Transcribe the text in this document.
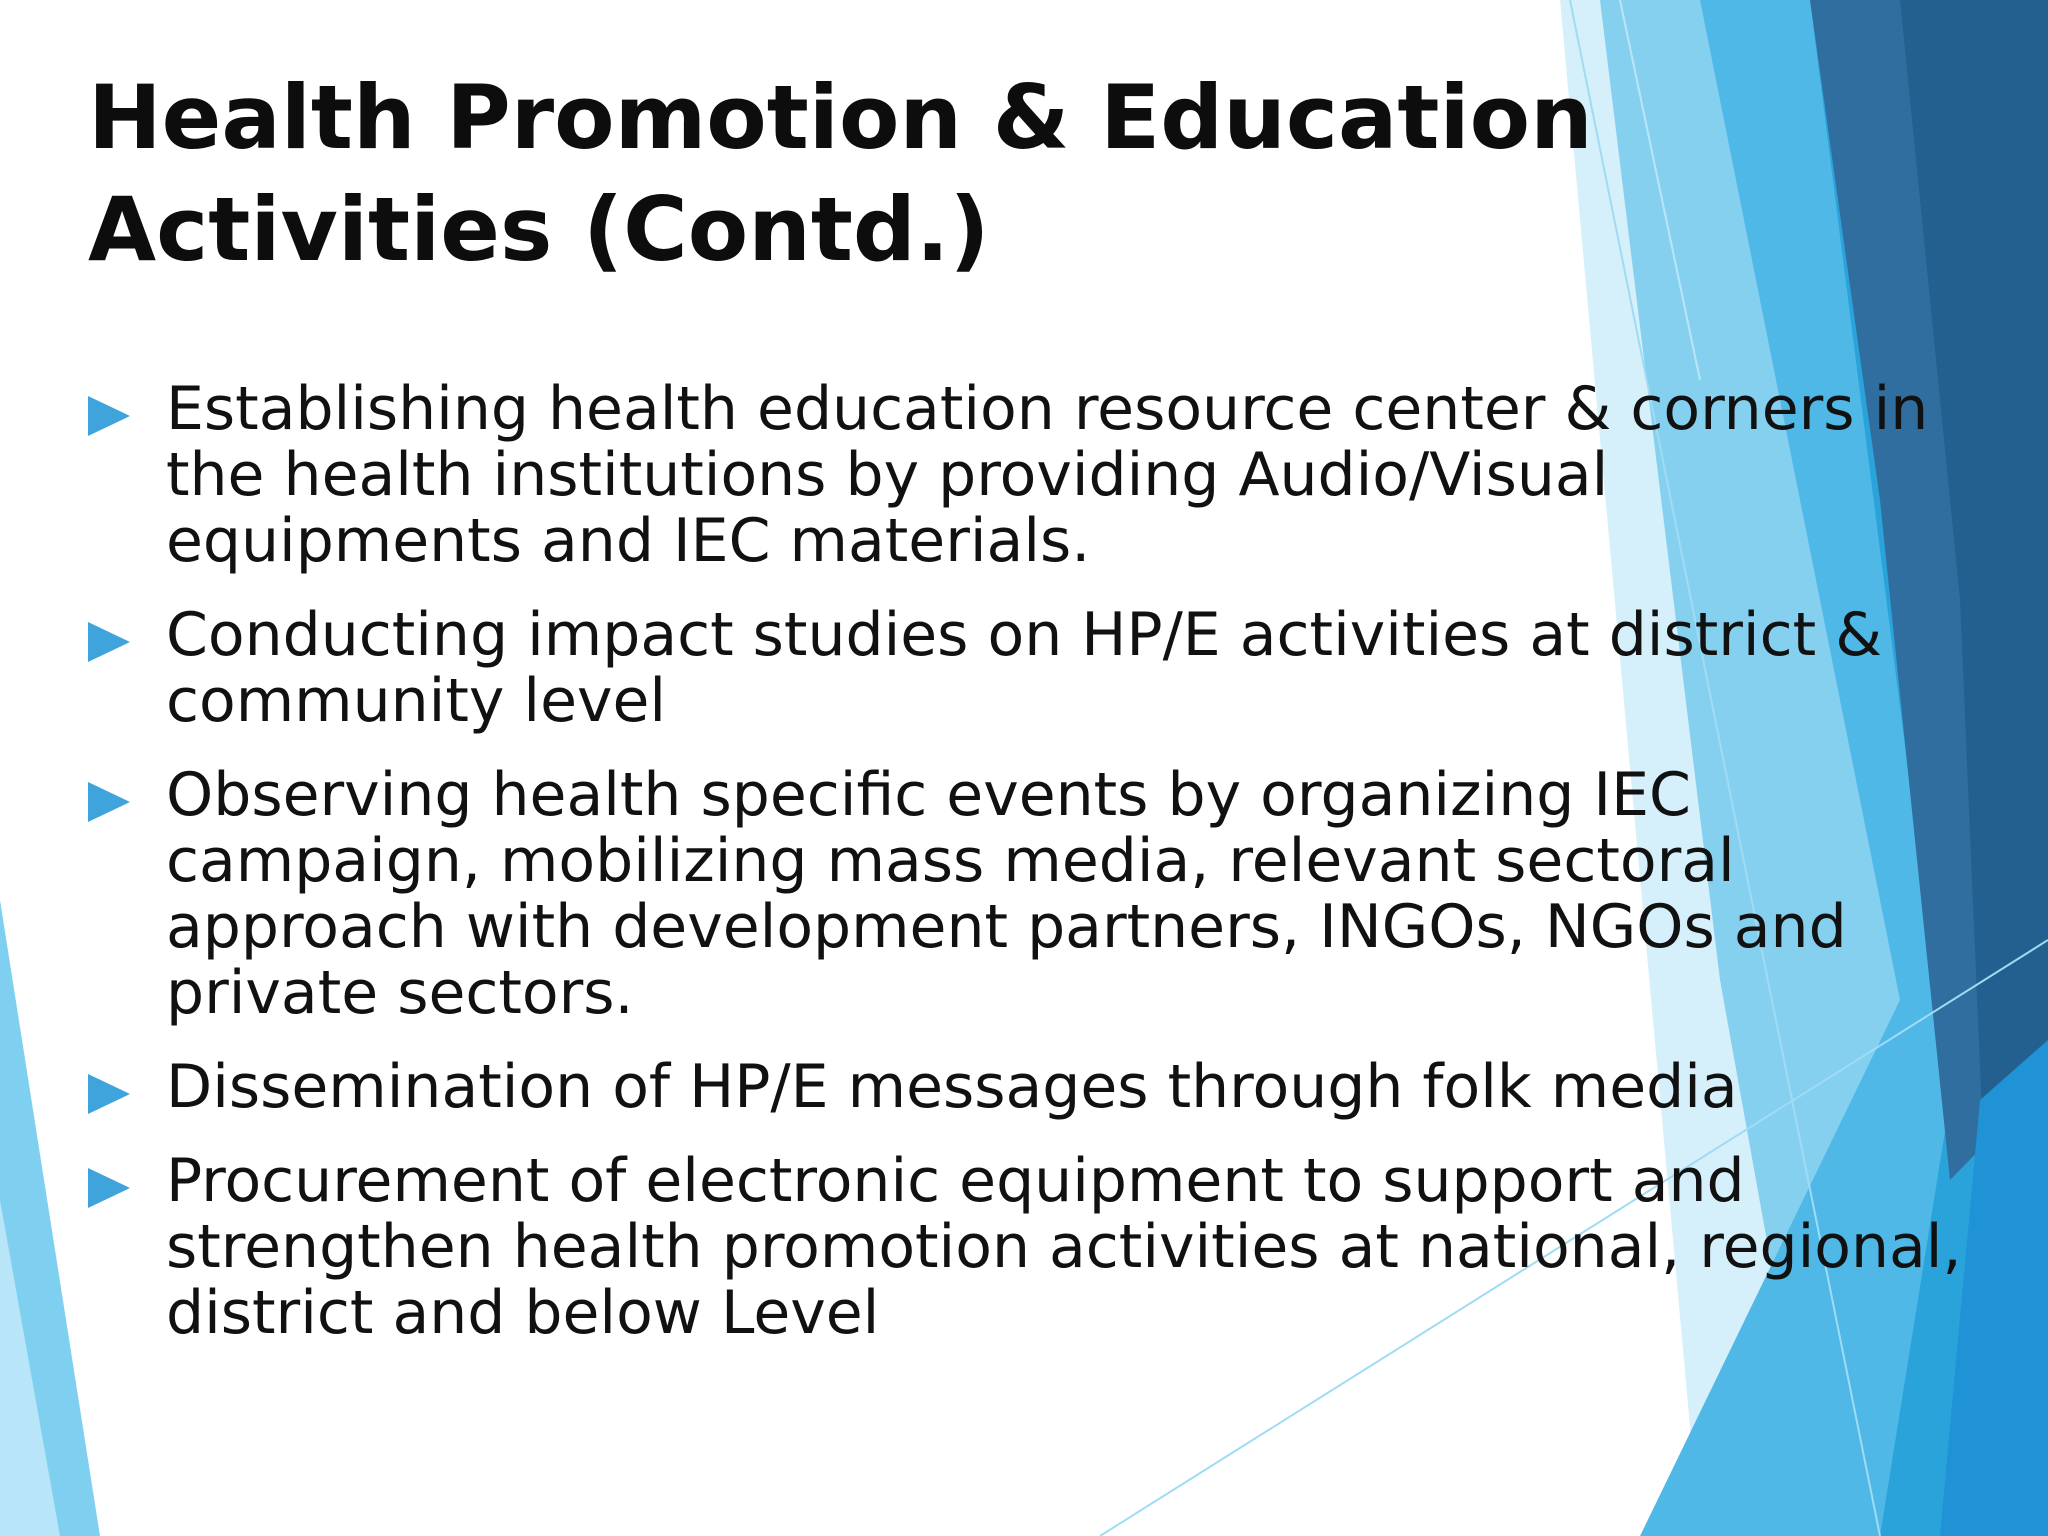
Health Promotion & Education Activities (Contd.)
Establishing health education resource center & corners in the health institutions by providing Audio/Visual equipments and IEC materials.
Conducting impact studies on HP/E activities at district & community level
Observing health specific events by organizing IEC campaign, mobilizing mass media, relevant sectoral approach with development partners, INGOs, NGOs and private sectors.
Dissemination of HP/E messages through folk media
Procurement of electronic equipment to support and strengthen health promotion activities at national, regional, district and below Level
